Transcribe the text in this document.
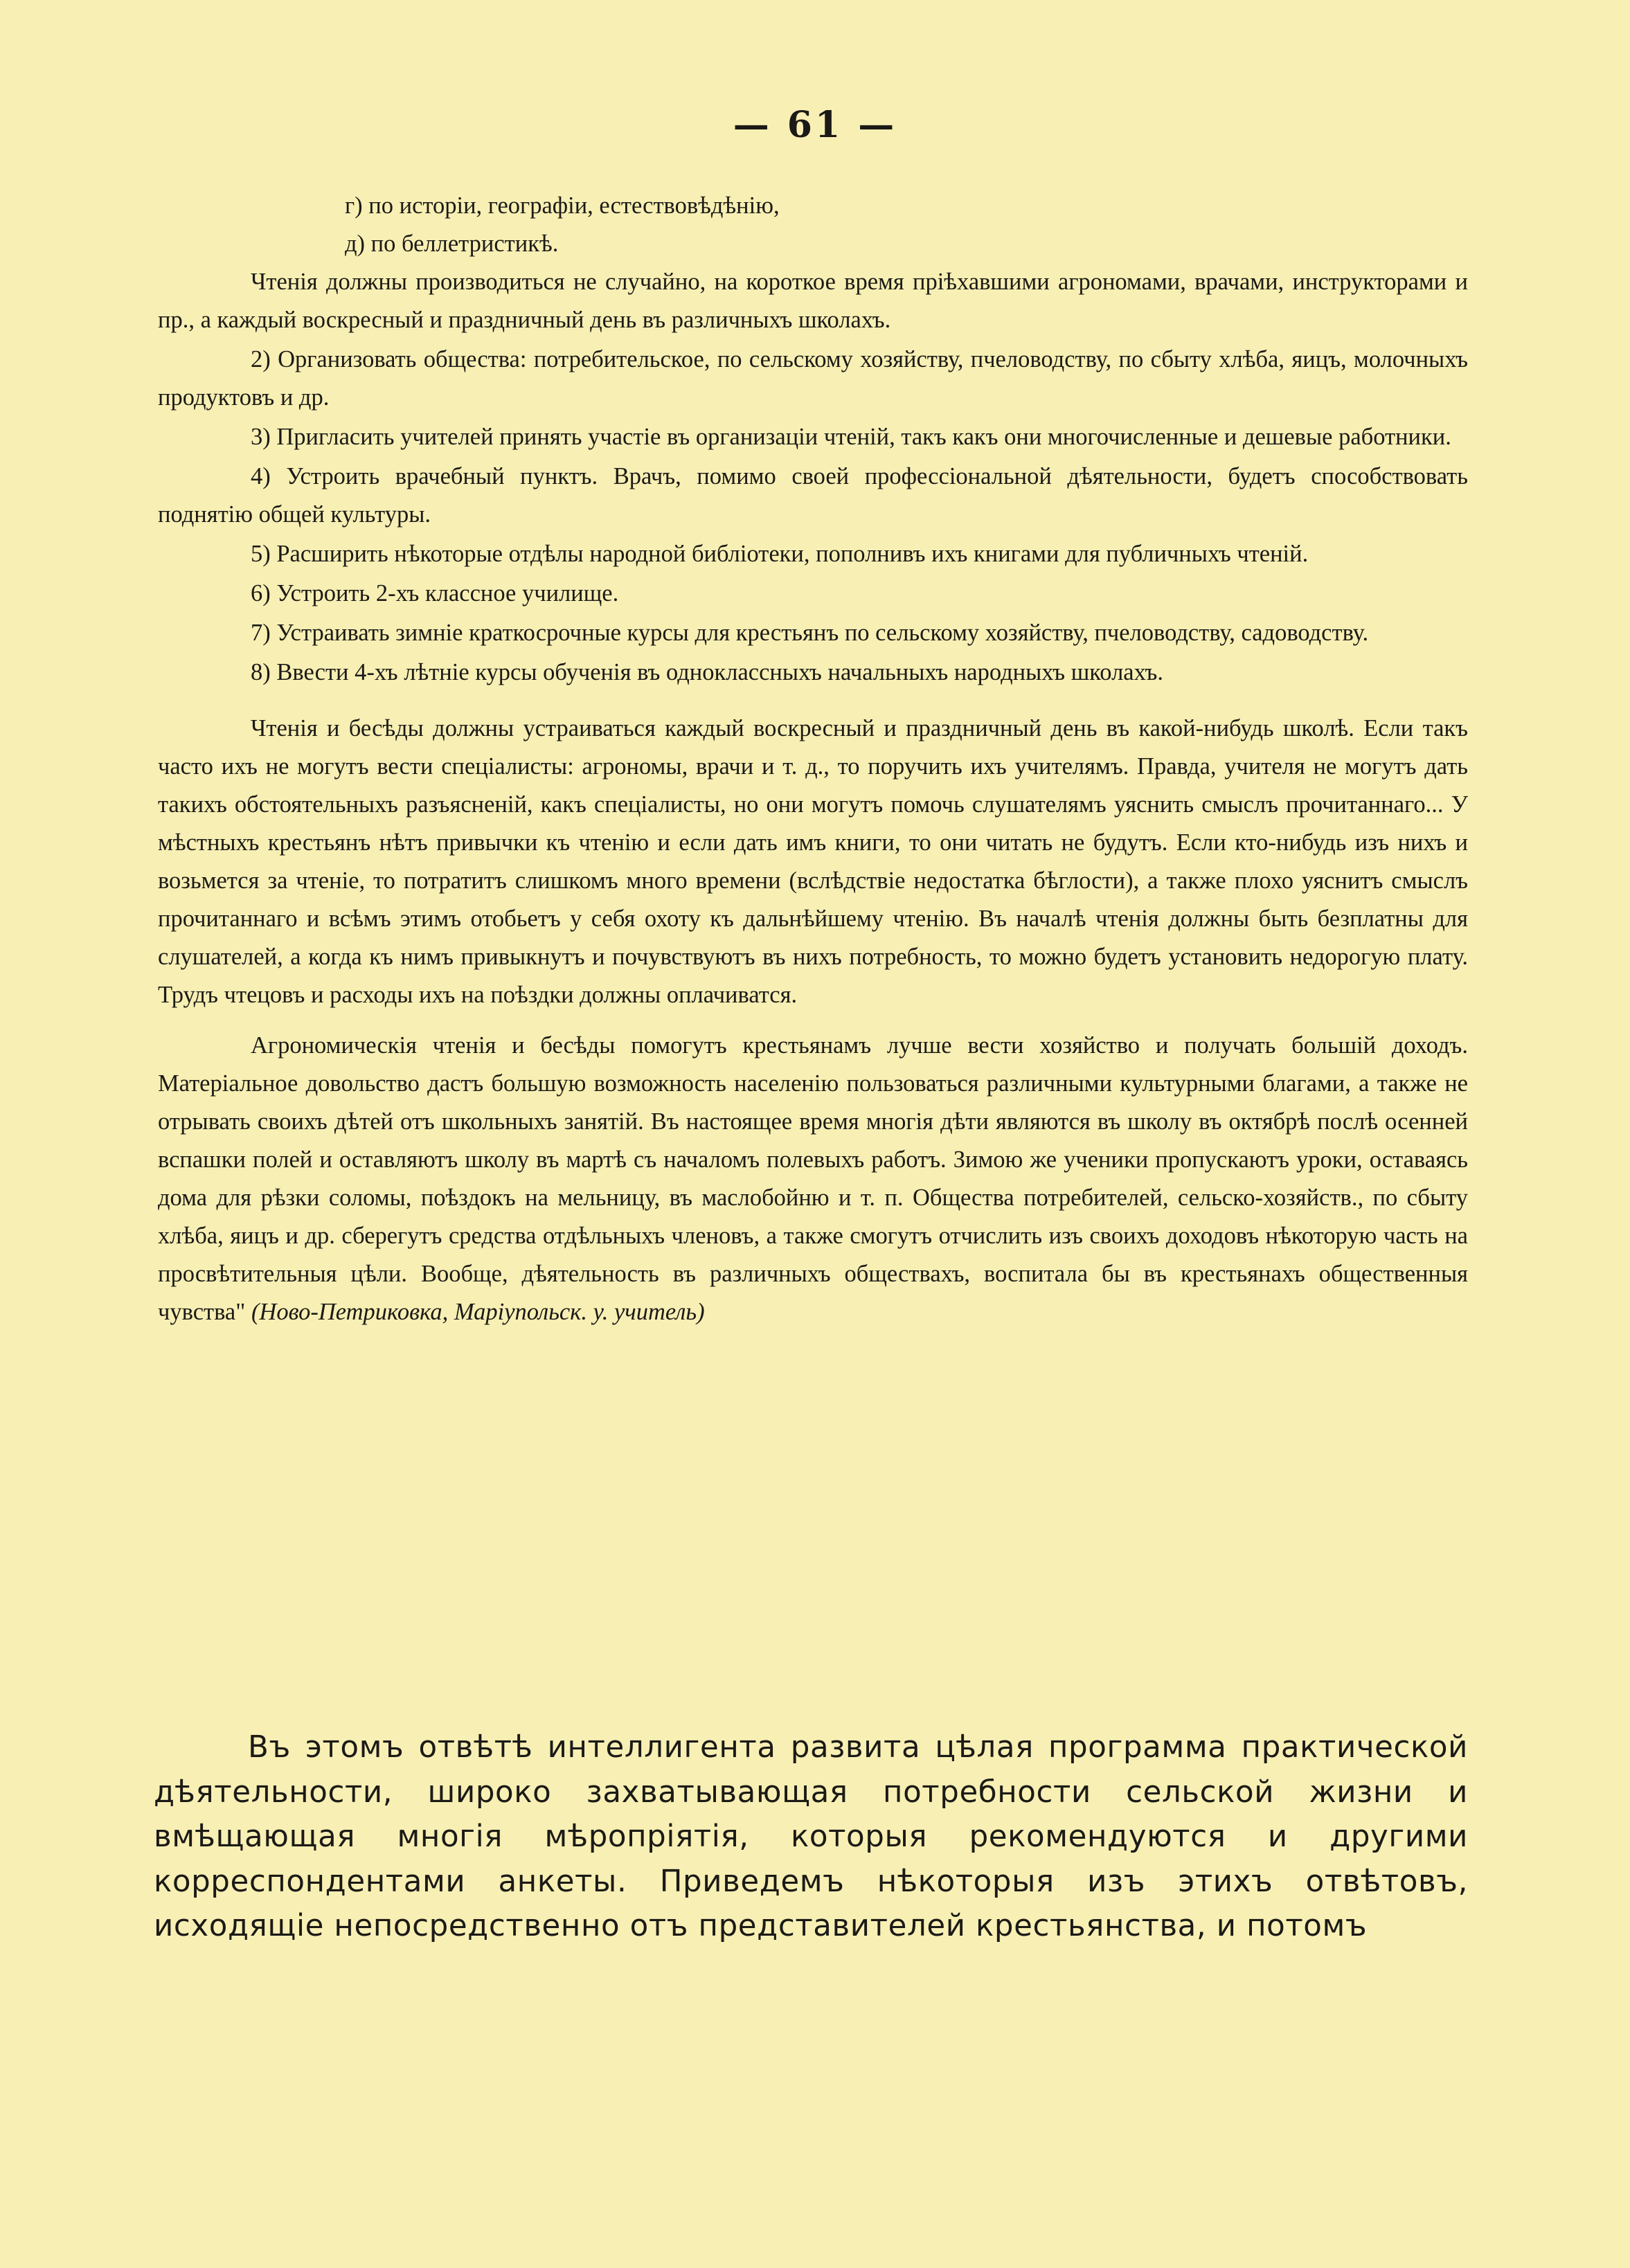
— 61 —

г) по исторіи, географіи, естествовѣдѣнію,

д) по беллетристикѣ.

Чтенія должны производиться не случайно, на короткое время пріѣхавшими агрономами, врачами, инструкторами и пр., а каждый воскресный и праздничный день въ различныхъ школахъ.

2) Организовать общества: потребительское, по сельскому хозяйству, пчеловодству, по сбыту хлѣба, яицъ, молочныхъ продуктовъ и др.

3) Пригласить учителей принять участіе въ организаціи чтеній, такъ какъ они многочисленные и дешевые работники.

4) Устроить врачебный пунктъ. Врачъ, помимо своей профессіональной дѣятельности, будетъ способствовать поднятію общей культуры.

5) Расширить нѣкоторые отдѣлы народной библіотеки, пополнивъ ихъ книгами для публичныхъ чтеній.

6) Устроить 2-хъ классное училище.

7) Устраивать зимніе краткосрочные курсы для крестьянъ по сельскому хозяйству, пчеловодству, садоводству.

8) Ввести 4-хъ лѣтніе курсы обученія въ одноклассныхъ начальныхъ народныхъ школахъ.

Чтенія и бесѣды должны устраиваться каждый воскресный и праздничный день въ какой-нибудь школѣ. Если такъ часто ихъ не могутъ вести спеціалисты: агрономы, врачи и т. д., то поручить ихъ учителямъ. Правда, учителя не могутъ дать такихъ обстоятельныхъ разъясненій, какъ спеціалисты, но они могутъ помочь слушателямъ уяснить смыслъ прочитаннаго... У мѣстныхъ крестьянъ нѣтъ привычки къ чтенію и если дать имъ книги, то они читать не будутъ. Если кто-нибудь изъ нихъ и возьмется за чтеніе, то потратитъ слишкомъ много времени (вслѣдствіе недостатка бѣглости), а также плохо уяснитъ смыслъ прочитаннаго и всѣмъ этимъ отобьетъ у себя охоту къ дальнѣйшему чтенію. Въ началѣ чтенія должны быть безплатны для слушателей, а когда къ нимъ привыкнутъ и почувствуютъ въ нихъ потребность, то можно будетъ установить недорогую плату. Трудъ чтецовъ и расходы ихъ на поѣздки должны оплачиватся.

Агрономическія чтенія и бесѣды помогутъ крестьянамъ лучше вести хозяйство и получать большій доходъ. Матеріальное довольство дастъ большую возможность населенію пользоваться различными культурными благами, а также не отрывать своихъ дѣтей отъ школьныхъ занятій. Въ настоящее время многія дѣти являются въ школу въ октябрѣ послѣ осенней вспашки полей и оставляютъ школу въ мартѣ съ началомъ полевыхъ работъ. Зимою же ученики пропускаютъ уроки, оставаясь дома для рѣзки соломы, поѣздокъ на мельницу, въ маслобойню и т. п. Общества потребителей, сельско-хозяйств., по сбыту хлѣба, яицъ и др. сберегутъ средства отдѣльныхъ членовъ, а также смогутъ отчислить изъ своихъ доходовъ нѣкоторую часть на просвѣтительныя цѣли. Вообще, дѣятельность въ различныхъ обществахъ, воспитала бы въ крестьянахъ общественныя чувства" (Ново-Петриковка, Маріупольск. у. учитель)

Въ этомъ отвѣтѣ интеллигента развита цѣлая программа практической дѣятельности, широко захватывающая потребности сельской жизни и вмѣщающая многія мѣропріятія, которыя рекомендуются и другими корреспондентами анкеты. Приведемъ нѣкоторыя изъ этихъ отвѣтовъ, исходящіе непосредственно отъ представителей крестьянства, и потомъ
